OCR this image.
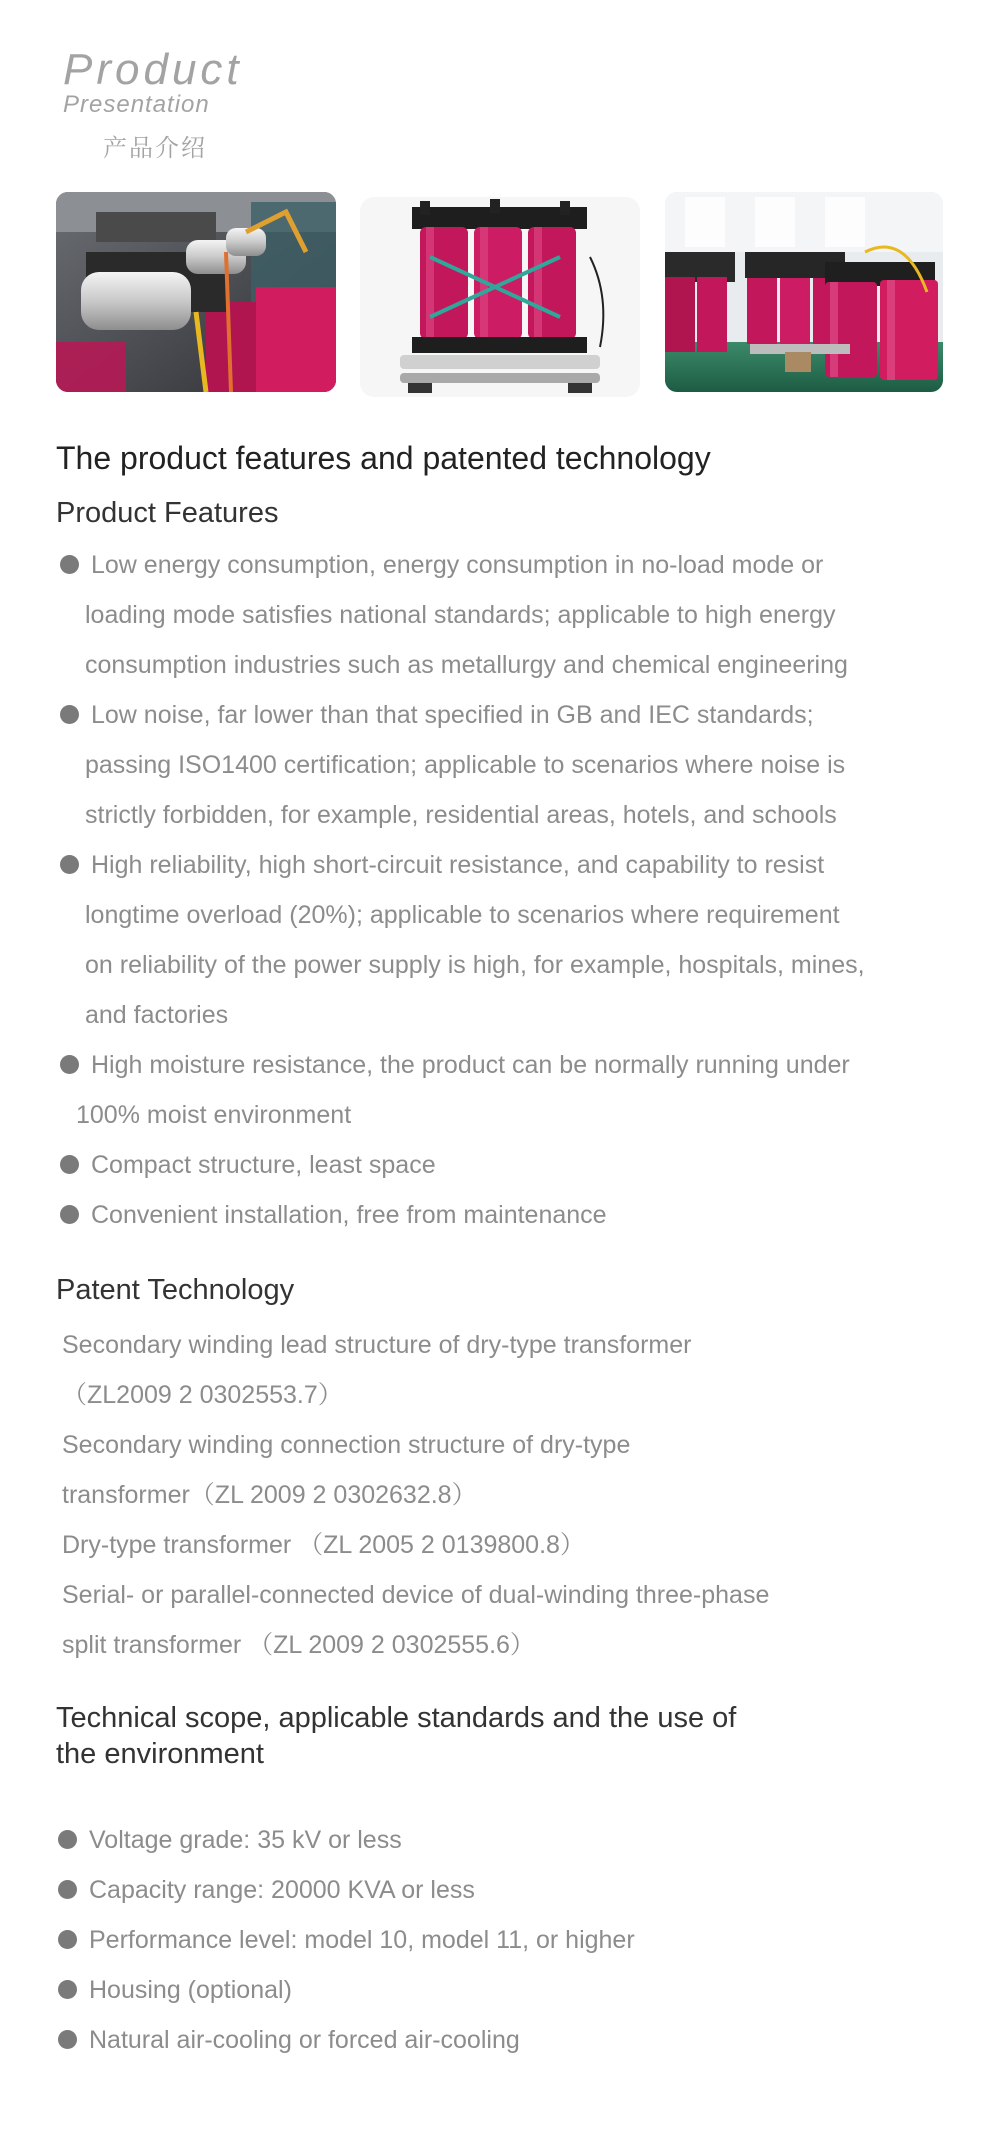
Product

Presentation

产品介绍
The product features and patented technology
Product Features
Low energy consumption, energy consumption in no-load mode or
loading mode satisfies national standards; applicable to high energy
consumption industries such as metallurgy and chemical engineering
Low noise, far lower than that specified in GB and IEC standards;
passing ISO1400 certification; applicable to scenarios where noise is
strictly forbidden, for example, residential areas, hotels, and schools
High reliability, high short-circuit resistance, and capability to resist
longtime overload (20%); applicable to scenarios where requirement
on reliability of the power supply is high, for example, hospitals, mines,
and factories
High moisture resistance, the product can be normally running under
100% moist environment
Compact structure, least space
Convenient installation, free from maintenance
Patent Technology
Secondary winding lead structure of dry-type transformer
（ZL2009 2 0302553.7）
Secondary winding connection structure of dry-type
transformer（ZL 2009 2 0302632.8）
Dry-type transformer （ZL 2005 2 0139800.8）
Serial- or parallel-connected device of dual-winding three-phase
split transformer （ZL 2009 2 0302555.6）
Technical scope, applicable standards and the use of
the environment
Voltage grade: 35 kV or less
Capacity range: 20000 KVA or less
Performance level: model 10, model 11, or higher
Housing (optional)
Natural air-cooling or forced air-cooling
